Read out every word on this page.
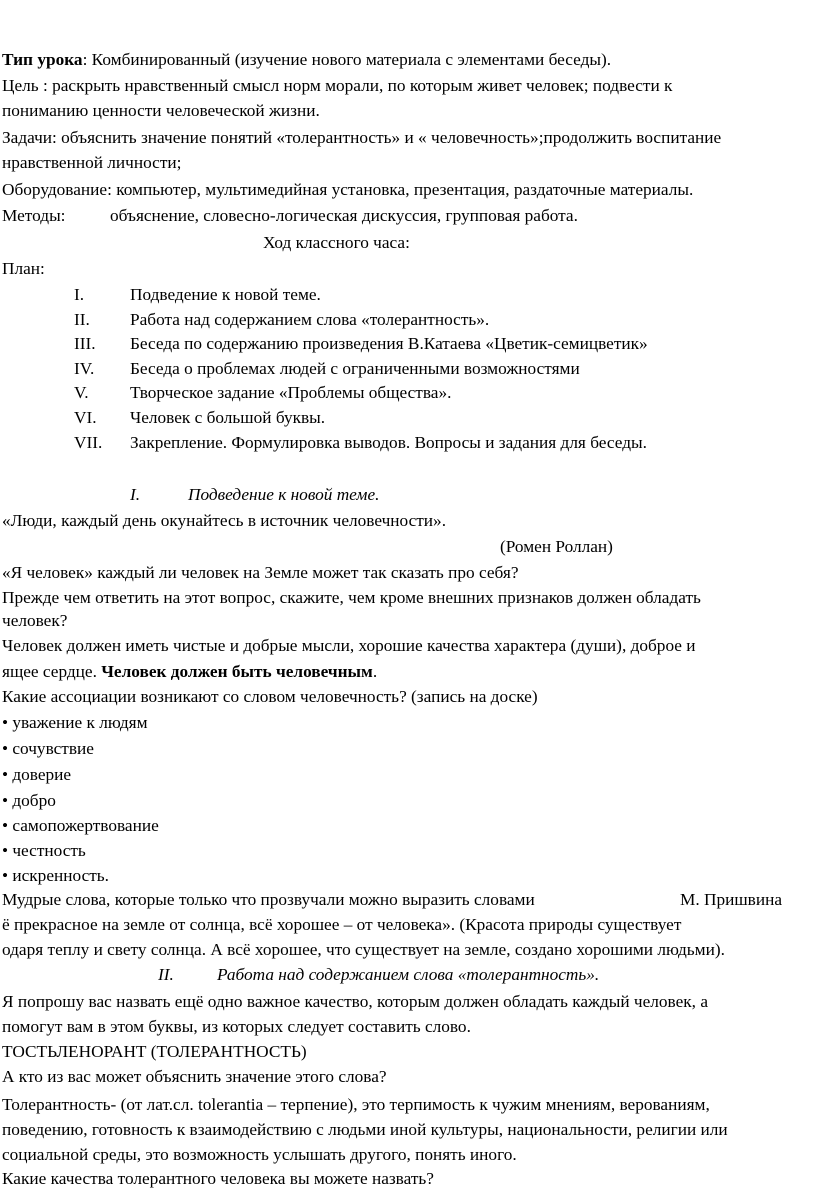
Тип урока: Комбинированный (изучение нового материала с элементами беседы).
Цель : раскрыть нравственный смысл норм морали, по которым живет человек; подвести к
пониманию ценности человеческой жизни.
Задачи: объяснить значение понятий «толерантность» и « человечность»;продолжить воспитание
нравственной личности;
Оборудование: компьютер, мультимедийная установка, презентация, раздаточные материалы.
Методы:	объяснение, словесно-логическая дискуссия, групповая работа.
Ход классного часа:
План:
I.	Подведение к новой теме.
II. Работа над содержанием слова «толерантность».
III. Беседа по содержанию произведения В.Катаева «Цветик-семицветик»
IV. Беседа о проблемах людей с ограниченными возможностями
V. Творческое задание «Проблемы общества».
VI. Человек с большой буквы.
VII. Закрепление. Формулировка выводов. Вопросы и задания для беседы.
I.	Подведение к новой теме.
«Люди, каждый день окунайтесь в источник человечности».
(Ромен Роллан)
«Я человек» каждый ли человек на Земле может так сказать про себя?
Прежде чем ответить на этот вопрос, скажите, чем кроме внешних признаков должен обладать
человек?
Человек должен иметь чистые и добрые мысли, хорошие качества характера (души), доброе и
ящее сердце. Человек должен быть человечным.
Какие ассоциации возникают со словом человечность? (запись на доске)
• уважение к людям
• сочувствие
• доверие
• добро
• самопожертвование
• честность
• искренность.
Мудрые слова, которые только что прозвучали можно выразить словами	М. Пришвина
ё прекрасное на земле от солнца, всё хорошее – от человека». (Красота природы существует
одаря теплу и свету солнца. А всё хорошее, что существует на земле, создано хорошими людьми).
II. Работа над содержанием слова «толерантность».
Я попрошу вас назвать ещё одно важное качество, которым должен обладать каждый человек, а
помогут вам в этом буквы, из которых следует составить слово.
ТОСТЬЛЕНОРАНТ (ТОЛЕРАНТНОСТЬ)
А кто из вас может объяснить значение этого слова?
Толерантность- (от лат.сл. tolerantia – терпение), это терпимость к чужим мнениям, верованиям,
поведению, готовность к взаимодействию с людьми иной культуры, национальности, религии или
социальной среды, это возможность услышать другого, понять иного.
Какие качества толерантного человека вы можете назвать?
